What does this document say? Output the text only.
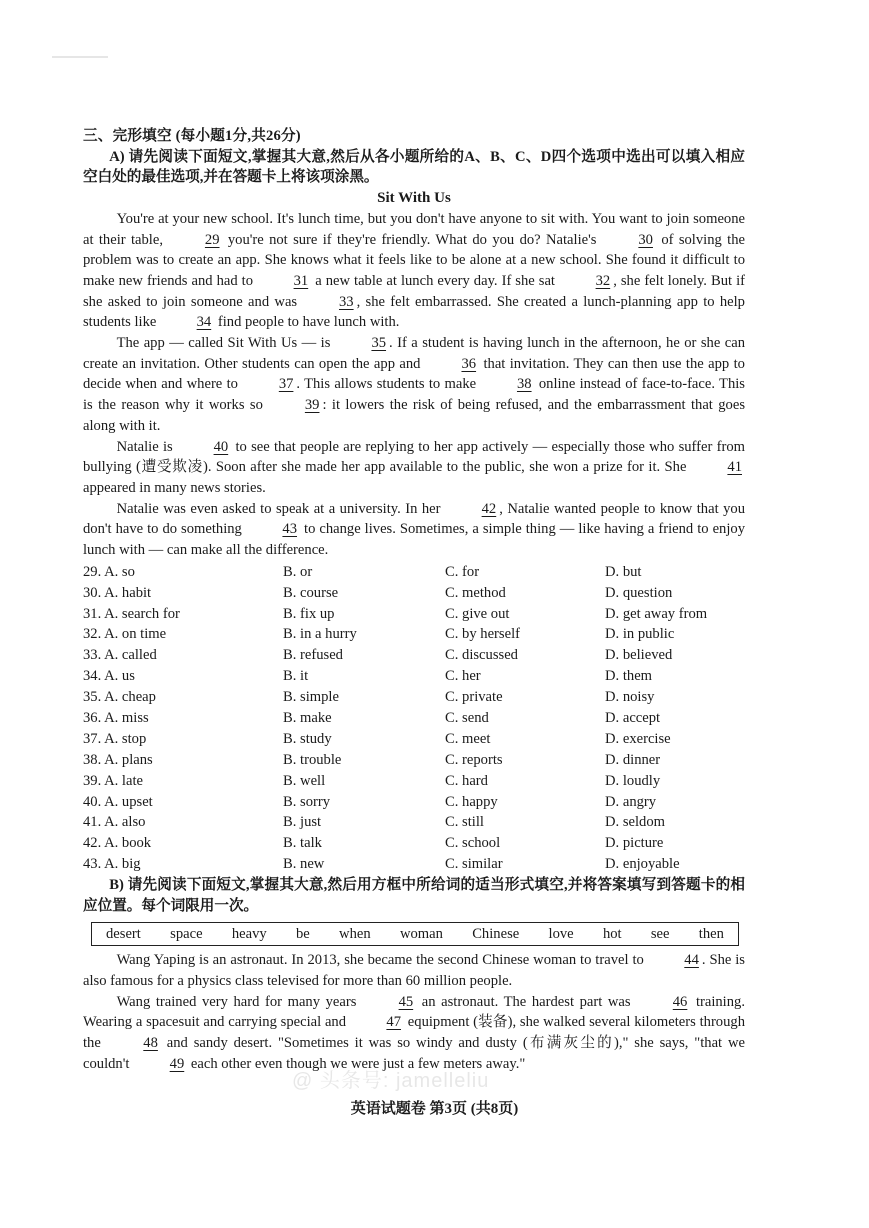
三、完形填空 (每小题1分,共26分)
A) 请先阅读下面短文,掌握其大意,然后从各小题所给的A、B、C、D四个选项中选出可以填入相应空白处的最佳选项,并在答题卡上将该项涂黑。
Sit With Us
You're at your new school. It's lunch time, but you don't have anyone to sit with. You want to join someone at their table,	29 you're not sure if they're friendly. What do you do? Natalie's	30 of solving the problem was to create an app. She knows what it feels like to be alone at a new school. She found it difficult to make new friends and had to	31 a new table at lunch every day. If she sat	32 , she felt lonely. But if she asked to join someone and was	33 , she felt embarrassed. She created a lunch-planning app to help students like	34 find people to have lunch with.
The app — called Sit With Us — is	35 . If a student is having lunch in the afternoon, he or she can create an invitation. Other students can open the app and	36 that invitation. They can then use the app to decide when and where to	37 . This allows students to make	38 online instead of face-to-face. This is the reason why it works so	39 : it lowers the risk of being refused, and the embarrassment that goes along with it.
Natalie is	40 to see that people are replying to her app actively — especially those who suffer from bullying (遭受欺凌). Soon after she made her app available to the public, she won a prize for it. She	41 appeared in many news stories.
Natalie was even asked to speak at a university. In her	42 , Natalie wanted people to know that you don't have to do something	43 to change lives. Sometimes, a simple thing — like having a friend to enjoy lunch with — can make all the difference.
29. A. so	B. or	C. for	D. but
30. A. habit	B. course	C. method	D. question
31. A. search for	B. fix up	C. give out	D. get away from
32. A. on time	B. in a hurry	C. by herself	D. in public
33. A. called	B. refused	C. discussed	D. believed
34. A. us	B. it	C. her	D. them
35. A. cheap	B. simple	C. private	D. noisy
36. A. miss	B. make	C. send	D. accept
37. A. stop	B. study	C. meet	D. exercise
38. A. plans	B. trouble	C. reports	D. dinner
39. A. late	B. well	C. hard	D. loudly
40. A. upset	B. sorry	C. happy	D. angry
41. A. also	B. just	C. still	D. seldom
42. A. book	B. talk	C. school	D. picture
43. A. big	B. new	C. similar	D. enjoyable
B) 请先阅读下面短文,掌握其大意,然后用方框中所给词的适当形式填空,并将答案填写到答题卡的相应位置。每个词限用一次。
desert space heavy be when woman Chinese love hot see then
Wang Yaping is an astronaut. In 2013, she became the second Chinese woman to travel to	44 . She is also famous for a physics class televised for more than 60 million people.
Wang trained very hard for many years	45 an astronaut. The hardest part was	46 training. Wearing a spacesuit and carrying special and	47 equipment (装备), she walked several kilometers through the	48 and sandy desert. "Sometimes it was so windy and dusty (布满灰尘的)," she says, "that we couldn't	49 each other even though we were just a few meters away."
@ 头条号: jamelleliu
英语试题卷 第3页 (共8页)
